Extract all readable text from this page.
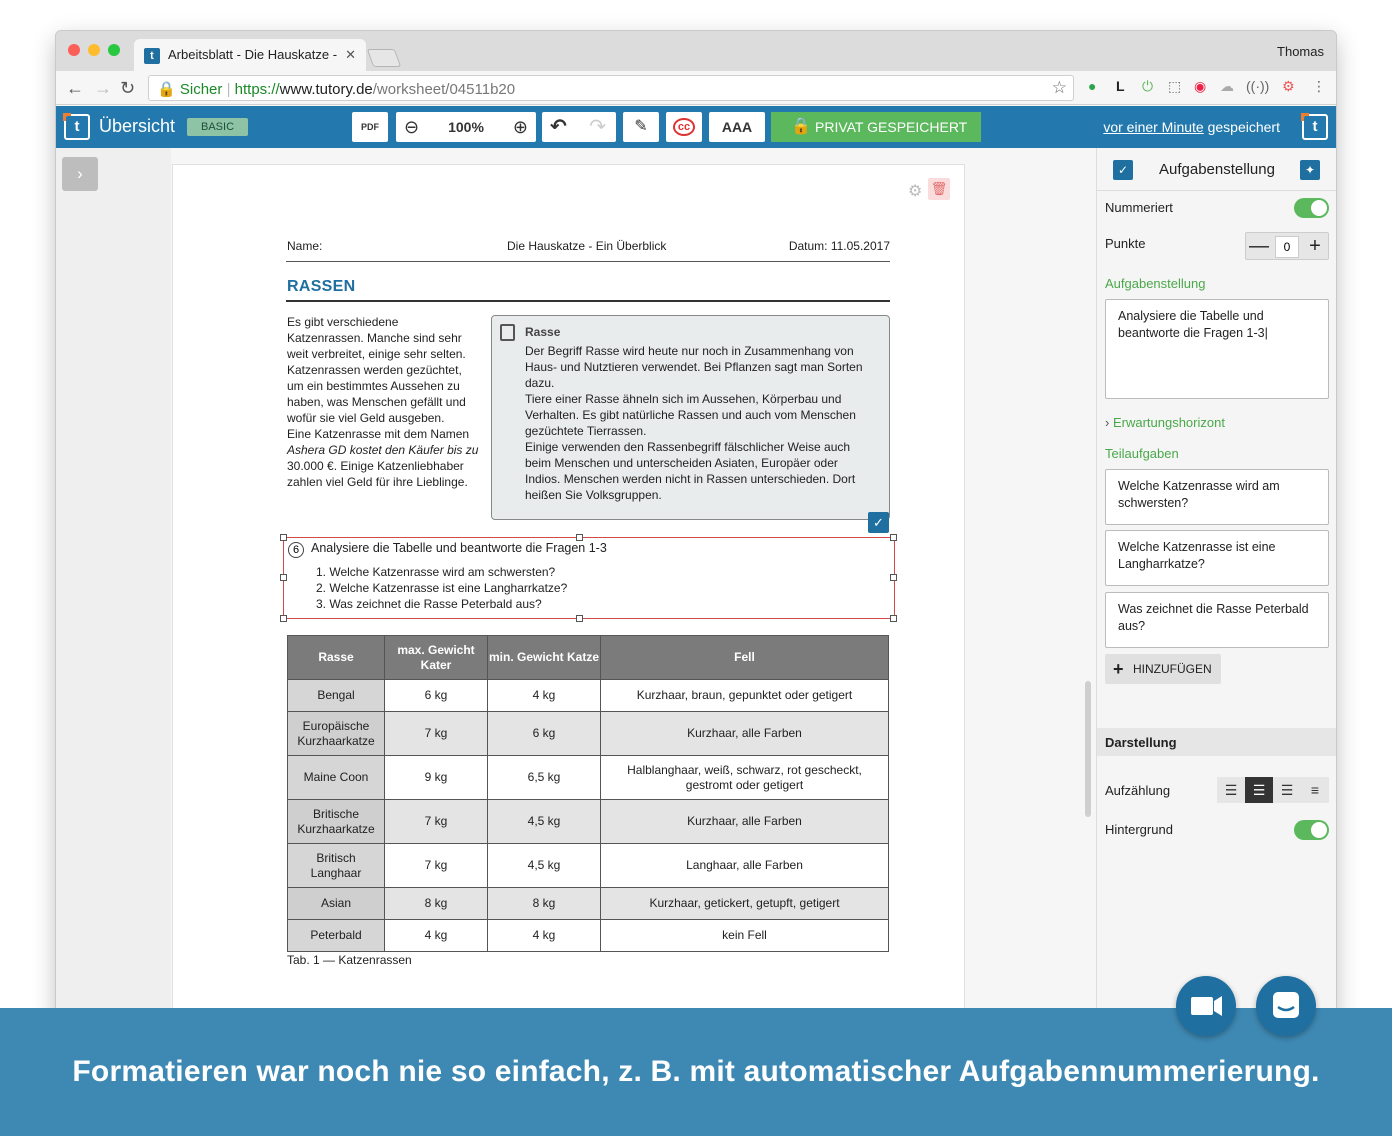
t	Arbeitsblatt - Die Hauskatze - ✕	Thomas
← → ↻	🔒 Sicher | https://www.tutory.de/worksheet/04511b20	☆ ● L ⏻ ⬚ ◉ ☁ ((·)) ⚙ ⋮
t	Übersicht	BASIC	PDF	⊖ 100% ⊕ ↶ ↷	✎	cc	AAA	🔒 PRIVAT GESPEICHERT	vor einer Minute gespeichert	t
›
⚙ 🗑
Name:	Die Hauskatze - Ein Überblick	Datum: 11.05.2017
RASSEN
Es gibt verschiedene
Katzenrassen. Manche sind sehr
weit verbreitet, einige sehr selten.
Katzenrassen werden gezüchtet,
um ein bestimmtes Aussehen zu
haben, was Menschen gefällt und
wofür sie viel Geld ausgeben.
Eine Katzenrasse mit dem Namen
Ashera GD kostet den Käufer bis zu
30.000 €. Einige Katzenliebhaber
zahlen viel Geld für ihre Lieblinge.
Rasse
Der Begriff Rasse wird heute nur noch in Zusammenhang von
Haus- und Nutztieren verwendet. Bei Pflanzen sagt man Sorten
dazu.
Tiere einer Rasse ähneln sich im Aussehen, Körperbau und
Verhalten. Es gibt natürliche Rassen und auch vom Menschen
gezüchtete Tierrassen.
Einige verwenden den Rassenbegriff fälschlicher Weise auch
beim Menschen und unterscheiden Asiaten, Europäer oder
Indios. Menschen werden nicht in Rassen unterschieden. Dort
heißen Sie Volksgruppen.
✓
6 Analysiere die Tabelle und beantworte die Fragen 1-3
1. Welche Katzenrasse wird am schwersten?
2. Welche Katzenrasse ist eine Langharrkatze?
3. Was zeichnet die Rasse Peterbald aus?
Rasse	max. Gewicht Kater	min. Gewicht Katze	Fell
Bengal	6 kg	4 kg	Kurzhaar, braun, gepunktet oder getigert
Europäische Kurzhaarkatze	7 kg	6 kg	Kurzhaar, alle Farben
Maine Coon	9 kg	6,5 kg	Halblanghaar, weiß, schwarz, rot gescheckt, gestromt oder getigert
Britische Kurzhaarkatze	7 kg	4,5 kg	Kurzhaar, alle Farben
Britisch Langhaar	7 kg	4,5 kg	Langhaar, alle Farben
Asian	8 kg	8 kg	Kurzhaar, getickert, getupft, getigert
Peterbald	4 kg	4 kg	kein Fell
Tab. 1 — Katzenrassen
✓	Aufgabenstellung	✦
Nummeriert
Punkte	—	0 +
Aufgabenstellung
Analysiere die Tabelle und beantworte die Fragen 1-3|
› Erwartungshorizont
Teilaufgaben
Welche Katzenrasse wird am schwersten?
Welche Katzenrasse ist eine Langharrkatze?
Was zeichnet die Rasse Peterbald aus?
+ HINZUFÜGEN
Darstellung
Aufzählung	☰	☰	☰	≡
Hintergrund
Formatieren war noch nie so einfach, z. B. mit automatischer Aufgabennummerierung.
